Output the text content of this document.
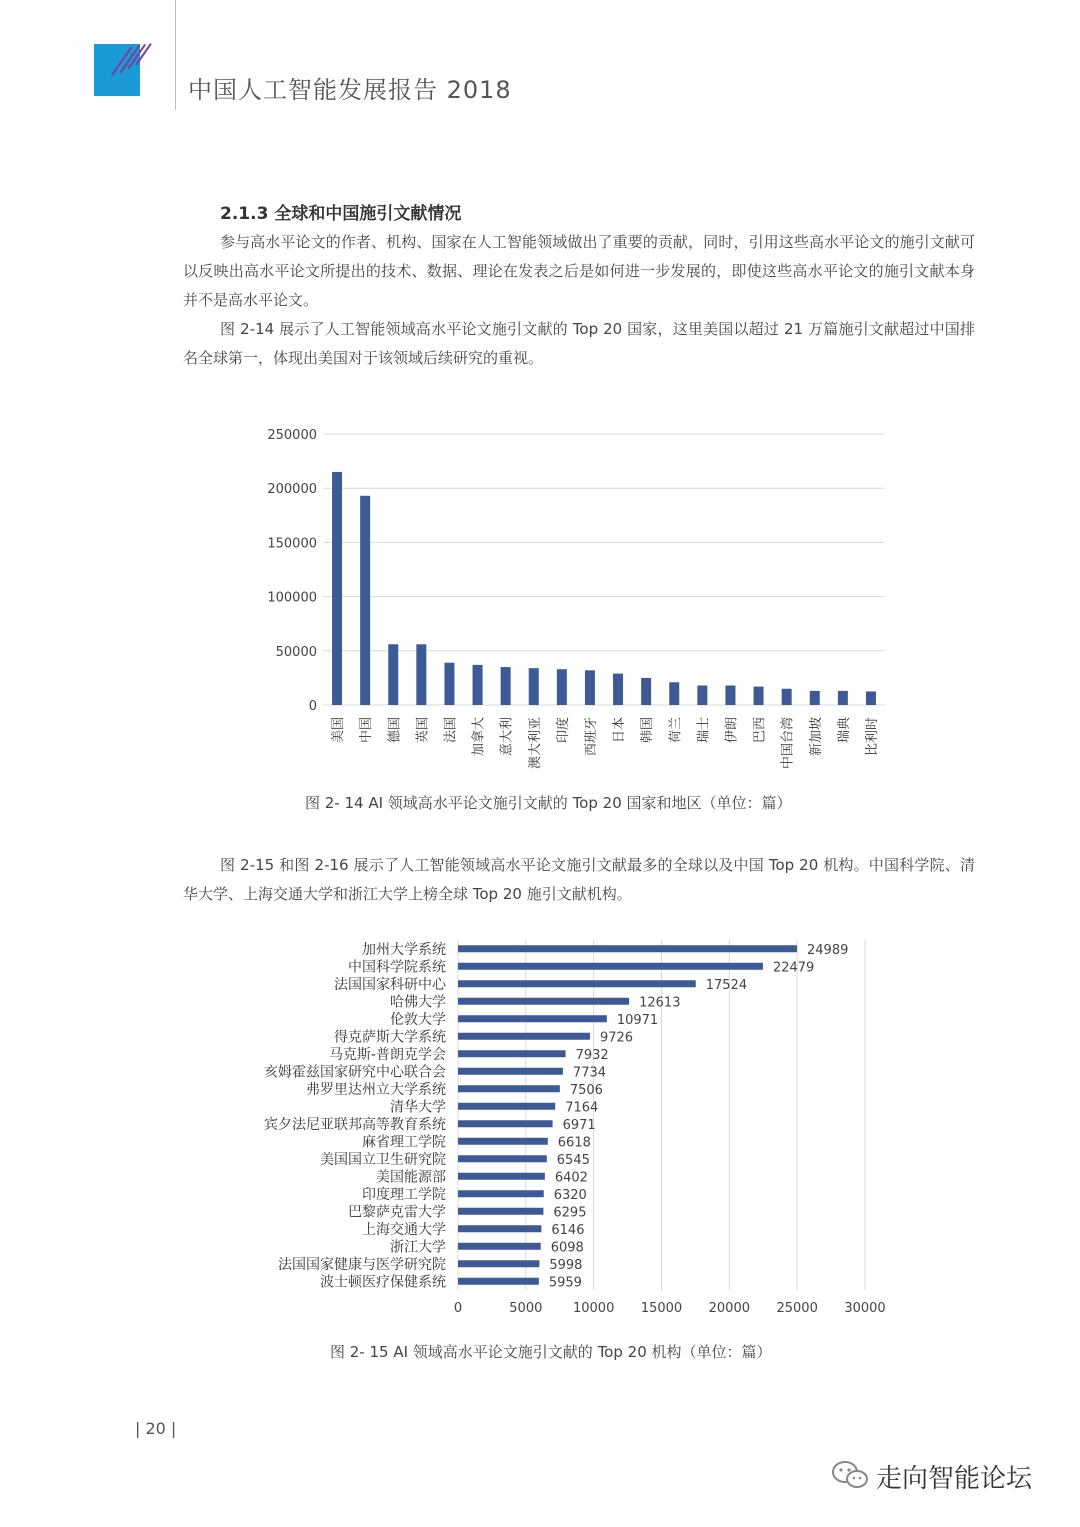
中国人工智能发展报告 2018
2.1.3 全球和中国施引文献情况

参与高水平论文的作者、机构、国家在人工智能领域做出了重要的贡献，同时，引用这些高水平论文的施引文献可以反映出高水平论文所提出的技术、数据、理论在发表之后是如何进一步发展的，即使这些高水平论文的施引文献本身并不是高水平论文。

图 2-14 展示了人工智能领域高水平论文施引文献的 Top 20 国家，这里美国以超过 21 万篇施引文献超过中国排名全球第一，体现出美国对于该领域后续研究的重视。

0
50000
100000
150000
200000
250000
美国 中国 德国 英国 法国 加拿大 意大利 澳大利亚 印度 西班牙 日本 韩国 荷兰 瑞士 伊朗 巴西 中国台湾 新加坡 瑞典 比利时
图 2- 14 AI 领域高水平论文施引文献的 Top 20 国家和地区（单位：篇）

图 2-15 和图 2-16 展示了人工智能领域高水平论文施引文献最多的全球以及中国 Top 20 机构。中国科学院、清华大学、上海交通大学和浙江大学上榜全球 Top 20 施引文献机构。

0	5000 10000 15000 20000 25000 30000
加州大学系统	24989
中国科学院系统	22479
法国国家科研中心	17524
哈佛大学	12613
伦敦大学	10971
得克萨斯大学系统	9726
马克斯-普朗克学会	7932
亥姆霍兹国家研究中心联合会	7734
弗罗里达州立大学系统	7506
清华大学	7164
宾夕法尼亚联邦高等教育系统	6971
麻省理工学院	6618
美国国立卫生研究院	6545
美国能源部	6402
印度理工学院	6320
巴黎萨克雷大学	6295
上海交通大学	6146
浙江大学	6098
法国国家健康与医学研究院	5998
波士顿医疗保健系统	5959
图 2- 15 AI 领域高水平论文施引文献的 Top 20 机构（单位：篇）
| 20 |
走向智能论坛
